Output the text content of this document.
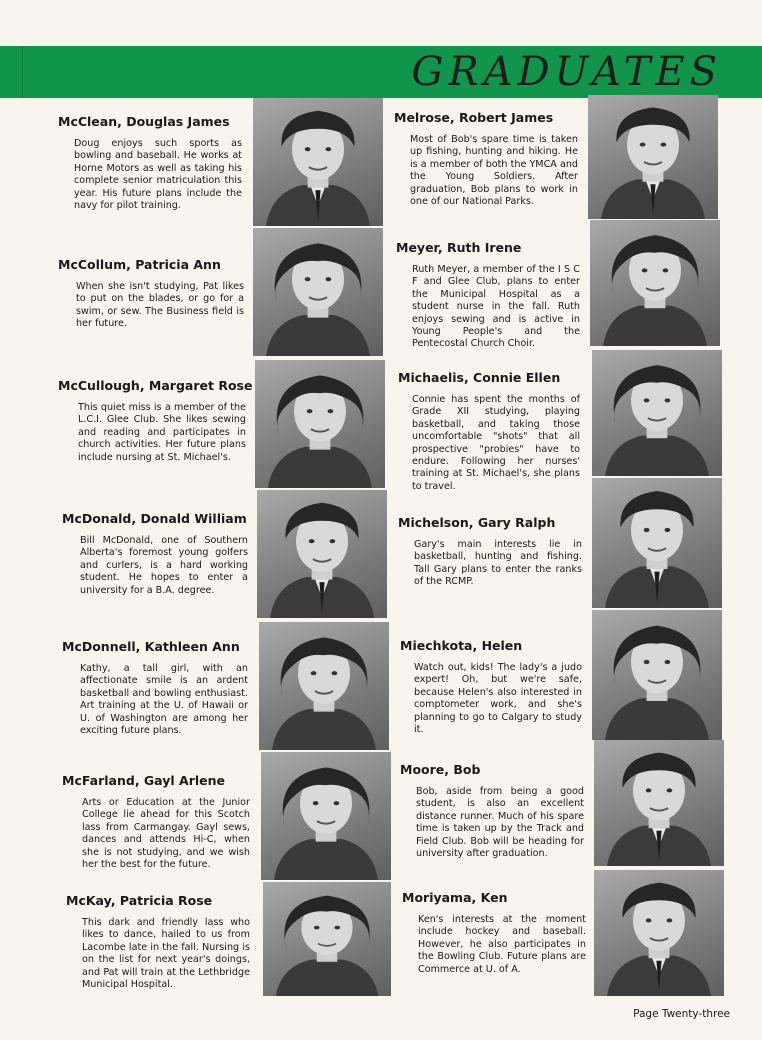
GRADUATES
McClean, Douglas James
Doug enjoys such sports as bowling and baseball. He works at Horne Motors as well as taking his complete senior matriculation this year. His future plans include the navy for pilot training.
McCollum, Patricia Ann
When she isn't studying, Pat likes to put on the blades, or go for a swim, or sew. The Business field is her future.
McCullough, Margaret Rose
This quiet miss is a member of the L.C.I. Glee Club. She likes sewing and reading and participates in church activities. Her future plans include nursing at St. Michael's.
McDonald, Donald William
Bill McDonald, one of Southern Alberta's foremost young golfers and curlers, is a hard working student. He hopes to enter a university for a B.A. degree.
McDonnell, Kathleen Ann
Kathy, a tall girl, with an affectionate smile is an ardent basketball and bowling enthusiast. Art training at the U. of Hawaii or U. of Washington are among her exciting future plans.
McFarland, Gayl Arlene
Arts or Education at the Junior College lie ahead for this Scotch lass from Carmangay. Gayl sews, dances and attends Hi-C, when she is not studying, and we wish her the best for the future.
McKay, Patricia Rose
This dark and friendly lass who likes to dance, hailed to us from Lacombe late in the fall. Nursing is on the list for next year's doings, and Pat will train at the Lethbridge Municipal Hospital.
Melrose, Robert James
Most of Bob's spare time is taken up fishing, hunting and hiking. He is a member of both the YMCA and the Young Soldiers. After graduation, Bob plans to work in one of our National Parks.
Meyer, Ruth Irene
Ruth Meyer, a member of the I S C F and Glee Club, plans to enter the Municipal Hospital as a student nurse in the fall. Ruth enjoys sewing and is active in Young People's and the Pentecostal Church Choir.
Michaelis, Connie Ellen
Connie has spent the months of Grade XII studying, playing basketball, and taking those uncomfortable "shots" that all prospective "probies" have to endure. Following her nurses' training at St. Michael's, she plans to travel.
Michelson, Gary Ralph
Gary's main interests lie in basketball, hunting and fishing. Tall Gary plans to enter the ranks of the RCMP.
Miechkota, Helen
Watch out, kids! The lady's a judo expert! Oh, but we're safe, because Helen's also interested in comptometer work, and she's planning to go to Calgary to study it.
Moore, Bob
Bob, aside from being a good student, is also an excellent distance runner. Much of his spare time is taken up by the Track and Field Club. Bob will be heading for university after graduation.
Moriyama, Ken
Ken's interests at the moment include hockey and baseball. However, he also participates in the Bowling Club. Future plans are Commerce at U. of A.
Page Twenty-three
